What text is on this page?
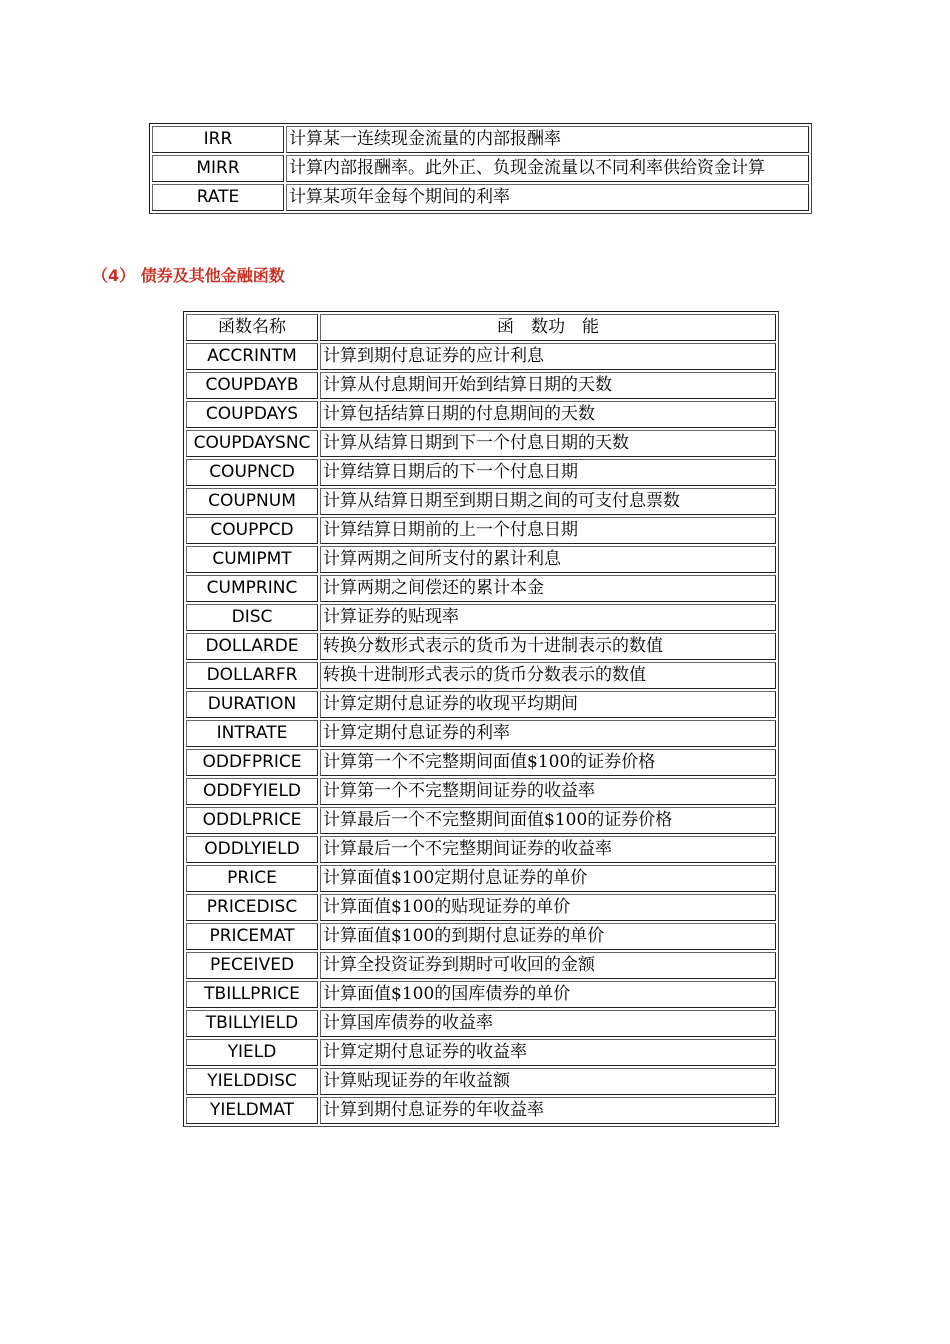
IRR	计算某一连续现金流量的内部报酬率
MIRR	计算内部报酬率。此外正、负现金流量以不同利率供给资金计算
RATE	计算某项年金每个期间的利率
（4） 债券及其他金融函数
函数名称	函　数功　能
ACCRINTM	计算到期付息证券的应计利息
COUPDAYB	计算从付息期间开始到结算日期的天数
COUPDAYS	计算包括结算日期的付息期间的天数
COUPDAYSNC	计算从结算日期到下一个付息日期的天数
COUPNCD	计算结算日期后的下一个付息日期
COUPNUM	计算从结算日期至到期日期之间的可支付息票数
COUPPCD	计算结算日期前的上一个付息日期
CUMIPMT	计算两期之间所支付的累计利息
CUMPRINC	计算两期之间偿还的累计本金
DISC	计算证券的贴现率
DOLLARDE	转换分数形式表示的货币为十进制表示的数值
DOLLARFR	转换十进制形式表示的货币分数表示的数值
DURATION	计算定期付息证券的收现平均期间
INTRATE	计算定期付息证券的利率
ODDFPRICE	计算第一个不完整期间面值$100的证券价格
ODDFYIELD	计算第一个不完整期间证券的收益率
ODDLPRICE	计算最后一个不完整期间面值$100的证券价格
ODDLYIELD	计算最后一个不完整期间证券的收益率
PRICE	计算面值$100定期付息证券的单价
PRICEDISC	计算面值$100的贴现证券的单价
PRICEMAT	计算面值$100的到期付息证券的单价
PECEIVED	计算全投资证券到期时可收回的金额
TBILLPRICE	计算面值$100的国库债券的单价
TBILLYIELD	计算国库债券的收益率
YIELD	计算定期付息证券的收益率
YIELDDISC	计算贴现证券的年收益额
YIELDMAT	计算到期付息证券的年收益率
